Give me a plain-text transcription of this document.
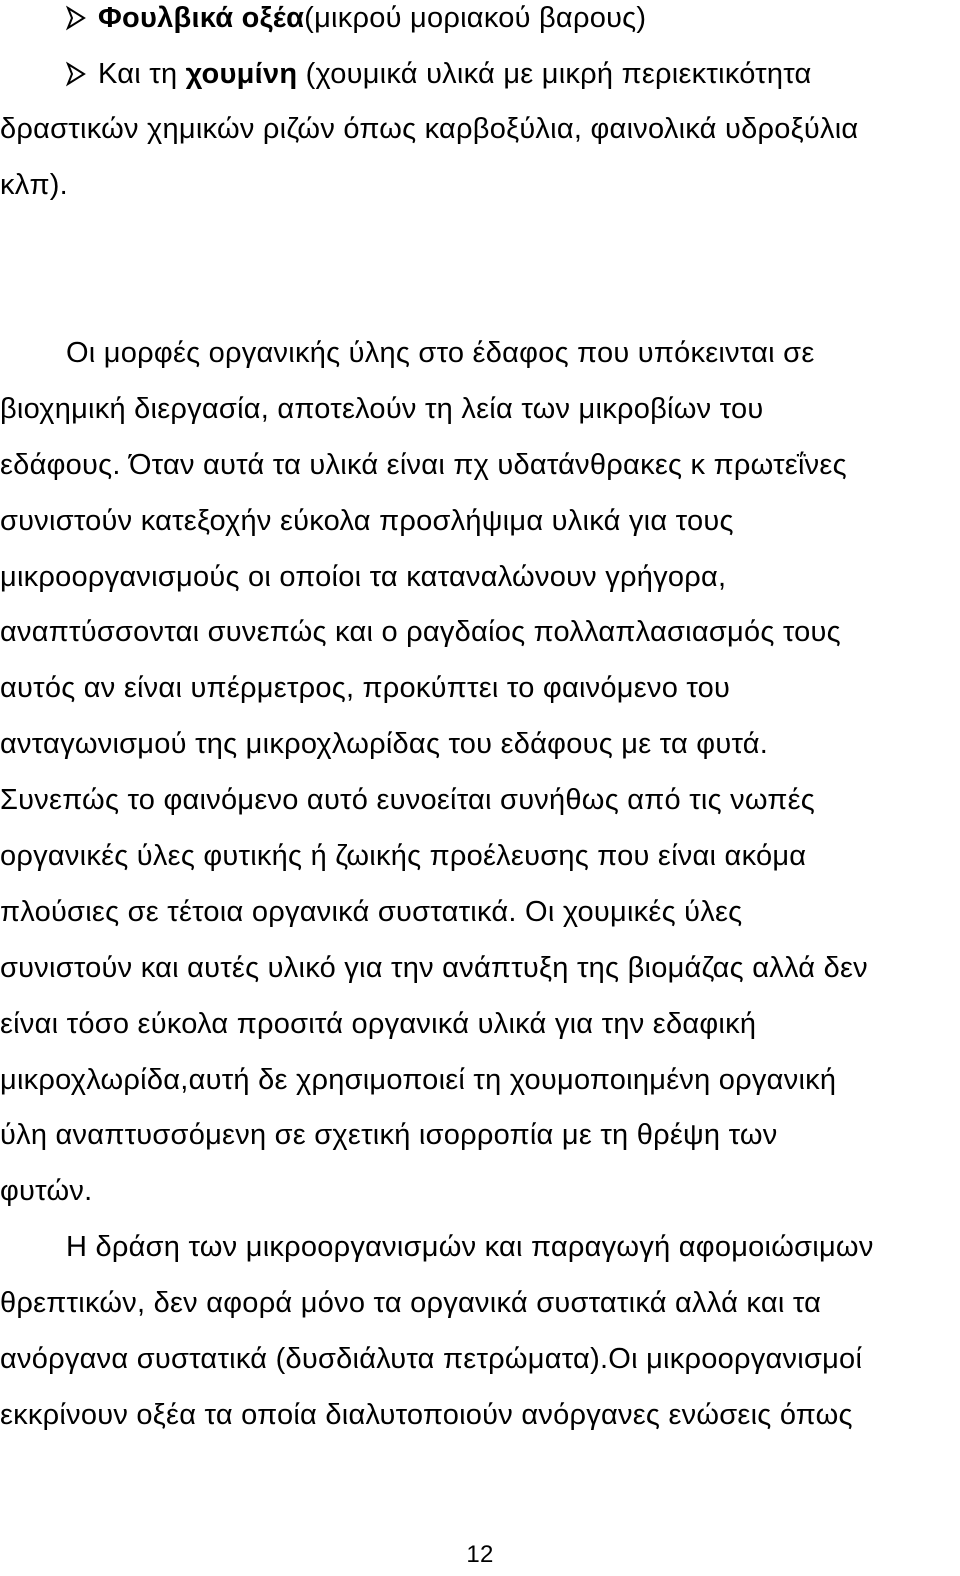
Φουλβικά οξέα(μικρού μοριακού βαρους)
Και τη χουμίνη (χουμικά υλικά με μικρή περιεκτικότητα
δραστικών χημικών ριζών όπως καρβοξύλια, φαινολικά υδροξύλια
κλπ).
Οι μορφές οργανικής ύλης στο έδαφος που υπόκεινται σε
βιοχημική διεργασία, αποτελούν τη λεία των μικροβίων του
εδάφους. Όταν αυτά τα υλικά είναι πχ υδατάνθρακες κ πρωτεΐνες
συνιστούν κατεξοχήν εύκολα προσλήψιμα υλικά για τους
μικροοργανισμούς οι οποίοι τα καταναλώνουν γρήγορα,
αναπτύσσονται συνεπώς και ο ραγδαίος πολλαπλασιασμός τους
αυτός αν είναι υπέρμετρος, προκύπτει το φαινόμενο του
ανταγωνισμού της μικροχλωρίδας του εδάφους με τα φυτά.
Συνεπώς το φαινόμενο αυτό ευνοείται συνήθως από τις νωπές
οργανικές ύλες φυτικής ή ζωικής προέλευσης που είναι ακόμα
πλούσιες σε τέτοια οργανικά συστατικά. Οι χουμικές ύλες
συνιστούν και αυτές υλικό για την ανάπτυξη της βιομάζας αλλά δεν
είναι τόσο εύκολα προσιτά οργανικά υλικά για την εδαφική
μικροχλωρίδα,αυτή δε χρησιμοποιεί τη χουμοποιημένη οργανική
ύλη αναπτυσσόμενη σε σχετική ισορροπία με τη θρέψη των
φυτών.
Η δράση των μικροοργανισμών και παραγωγή αφομοιώσιμων
θρεπτικών, δεν αφορά μόνο τα οργανικά συστατικά αλλά και τα
ανόργανα συστατικά (δυσδιάλυτα πετρώματα).Οι μικροοργανισμοί
εκκρίνουν οξέα τα οποία διαλυτοποιούν ανόργανες ενώσεις όπως
12
